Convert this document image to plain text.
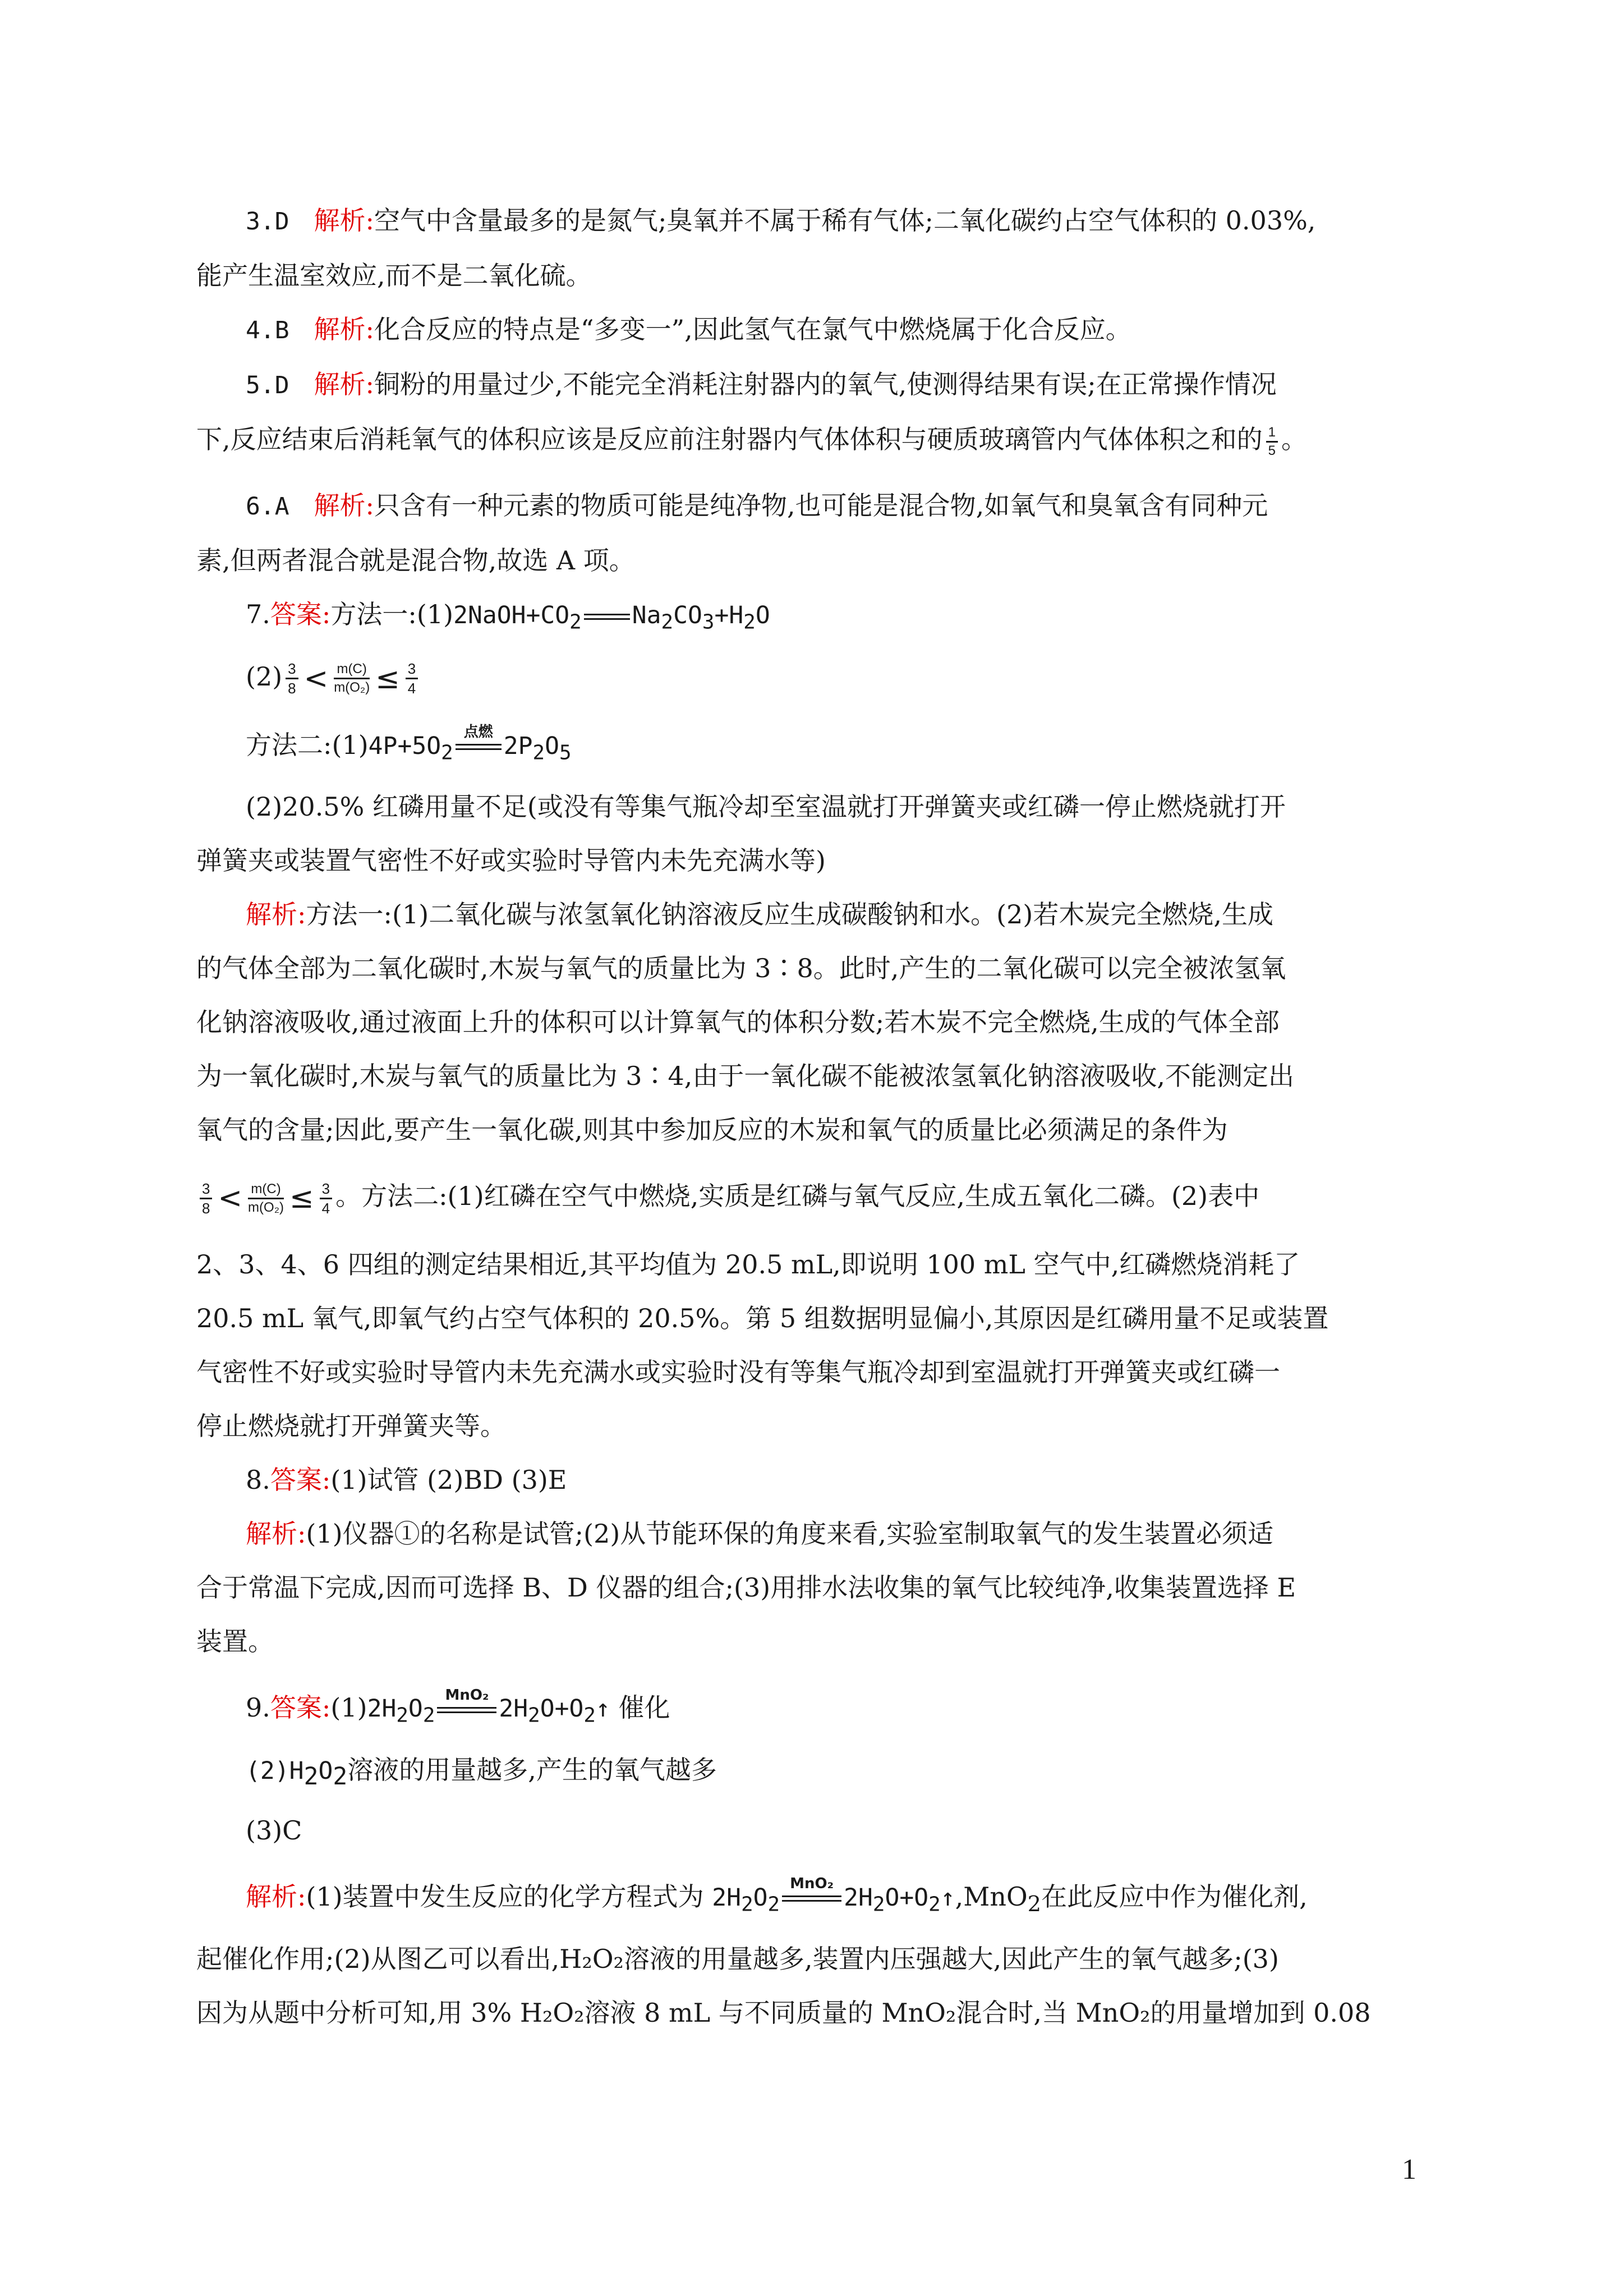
3.D 解析:空气中含量最多的是氮气;臭氧并不属于稀有气体;二氧化碳约占空气体积的 0.03%,

能产生温室效应,而不是二氧化硫。

4.B 解析:化合反应的特点是“多变一”,因此氢气在氯气中燃烧属于化合反应。

5.D 解析:铜粉的用量过少,不能完全消耗注射器内的氧气,使测得结果有误;在正常操作情况

下,反应结束后消耗氧气的体积应该是反应前注射器内气体体积与硬质玻璃管内气体体积之和的 $\frac{1}{5}$ 。

6.A 解析:只含有一种元素的物质可能是纯净物,也可能是混合物,如氧气和臭氧含有同种元

素,但两者混合就是混合物,故选 A 项。

7.答案:方法一$:(1)2NaOH+CO_2$ $Na_2CO_3+H_2O$

$(2) \frac{3}{8} < \frac{m(C)}{\text{m(O₂)}} \le \frac{3}{4}$

方法二$:(1)4P+5O_2$
点燃 $2P_2O_5$

(2)20.5% 红磷用量不足(或没有等集气瓶冷却至室温就打开弹簧夹或红磷一停止燃烧就打开

弹簧夹或装置气密性不好或实验时导管内未先充满水等)

解析:方法一:(1)二氧化碳与浓氢氧化钠溶液反应生成碳酸钠和水。(2)若木炭完全燃烧,生成

的气体全部为二氧化碳时,木炭与氧气的质量比为 3∶8。此时,产生的二氧化碳可以完全被浓氢氧

化钠溶液吸收,通过液面上升的体积可以计算氧气的体积分数;若木炭不完全燃烧,生成的气体全部

为一氧化碳时,木炭与氧气的质量比为 3∶4,由于一氧化碳不能被浓氢氧化钠溶液吸收,不能测定出

氧气的含量;因此,要产生一氧化碳,则其中参加反应的木炭和氧气的质量比必须满足的条件为

$\frac{3}{8} < \frac{m(C)}{\text{m(O₂)}} \le \frac{3}{4}$ 。方法二:(1)红磷在空气中燃烧,实质是红磷与氧气反应,生成五氧化二磷。(2)表中

2、3、4、6 四组的测定结果相近,其平均值为 20.5 mL,即说明 100 mL 空气中,红磷燃烧消耗了

20.5 mL 氧气,即氧气约占空气体积的 20.5%。第 5 组数据明显偏小,其原因是红磷用量不足或装置

气密性不好或实验时导管内未先充满水或实验时没有等集气瓶冷却到室温就打开弹簧夹或红磷一

停止燃烧就打开弹簧夹等。

8.答案:(1)试管 (2)BD (3)E

解析:(1)仪器①的名称是试管;(2)从节能环保的角度来看,实验室制取氧气的发生装置必须适

合于常温下完成,因而可选择 B、D 仪器的组合;(3)用排水法收集的氧气比较纯净,收集装置选择 E

装置。

9.答案$:(1)2H_2O_2$
MnO₂ $2H_2O+O_2↑$ 催化

$(2)H_2O_2$溶液的用量越多,产生的氧气越多

(3)C

解析:(1)装置中发生反应的化学方程式为 $2H_2O_2$
MnO₂ $2H_2O+O_2↑,MnO_2$在此反应中作为催化剂,

起催化作用;(2)从图乙可以看出,H₂O₂溶液的用量越多,装置内压强越大,因此产生的氧气越多;(3)

因为从题中分析可知,用 3% H₂O₂溶液 8 mL 与不同质量的 MnO₂混合时,当 MnO₂的用量增加到 0.08

1
